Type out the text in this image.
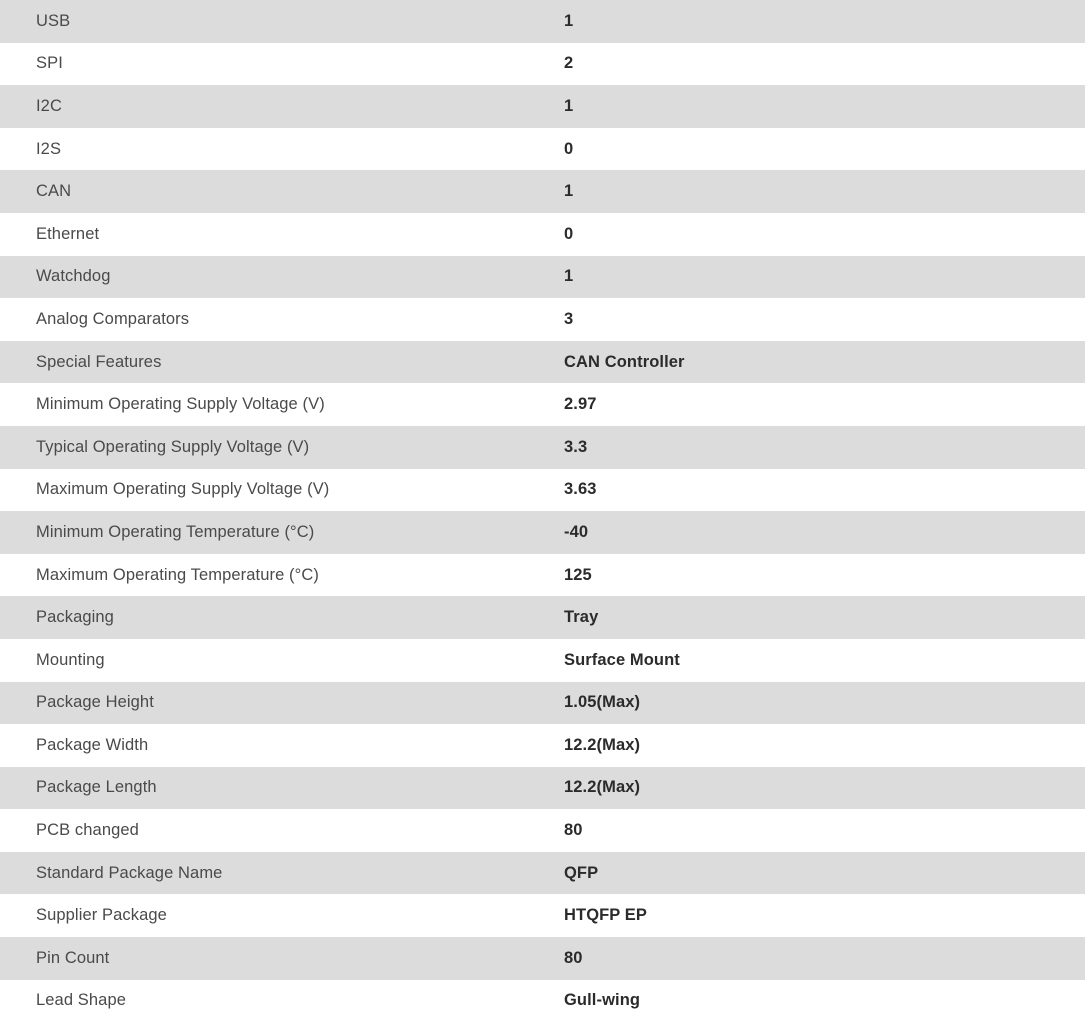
USB	1
SPI	2
I2C	1
I2S	0
CAN	1
Ethernet	0
Watchdog	1
Analog Comparators	3
Special Features	CAN Controller
Minimum Operating Supply Voltage (V)	2.97
Typical Operating Supply Voltage (V)	3.3
Maximum Operating Supply Voltage (V)	3.63
Minimum Operating Temperature (°C)	-40
Maximum Operating Temperature (°C)	125
Packaging	Tray
Mounting	Surface Mount
Package Height	1.05(Max)
Package Width	12.2(Max)
Package Length	12.2(Max)
PCB changed	80
Standard Package Name	QFP
Supplier Package	HTQFP EP
Pin Count	80
Lead Shape	Gull-wing
